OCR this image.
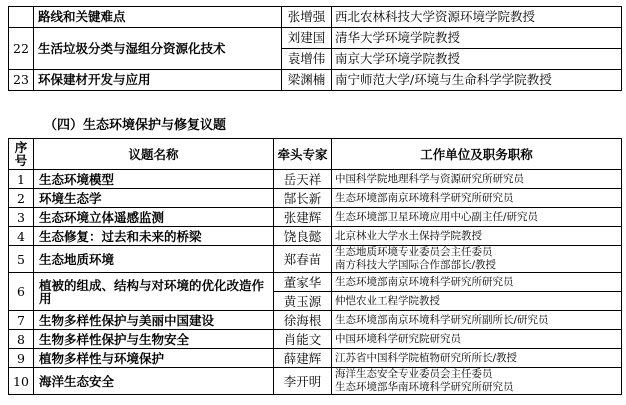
	路线和关键难点	张增强	西北农林科技大学资源环境学院教授
22	生活垃圾分类与湿组分资源化技术	刘建国	清华大学环境学院教授
		袁增伟	南京大学环境学院教授
23	环保建材开发与应用	梁渊楠	南宁师范大学/环境与生命科学学院教授
（四）生态环境保护与修复议题
序号	议题名称	牵头专家	工作单位及职务职称
1	生态环境模型	岳天祥	中国科学院地理科学与资源研究所研究员
2	环境生态学	郜长新	生态环境部南京环境科学研究所研究员
3	生态环境立体遥感监测	张建辉	生态环境部卫星环境应用中心副主任/研究员
4	生态修复：过去和未来的桥梁	饶良懿	北京林业大学水土保持学院教授
5	生态地质环境	郑春苗	生态地质环境专业委员会主任委员
南方科技大学国际合作部部长/教授

6	植被的组成、结构与对环境的优化改造作用	董家华	生态环境部南京环境科学研究所研究员
		黄玉源	仲恺农业工程学院教授
7	生物多样性保护与美丽中国建设	徐海根	生态环境部南京环境科学研究所副所长/研究员
8	生物多样性保护与生物安全	肖能文	中国环境科学研究院研究员
9	植物多样性与环境保护	薛建辉	江苏省中国科学院植物研究所所长/教授
10	海洋生态安全	李开明	海洋生态安全专业委员会主任委员
生态环境部华南环境科学研究所研究员
